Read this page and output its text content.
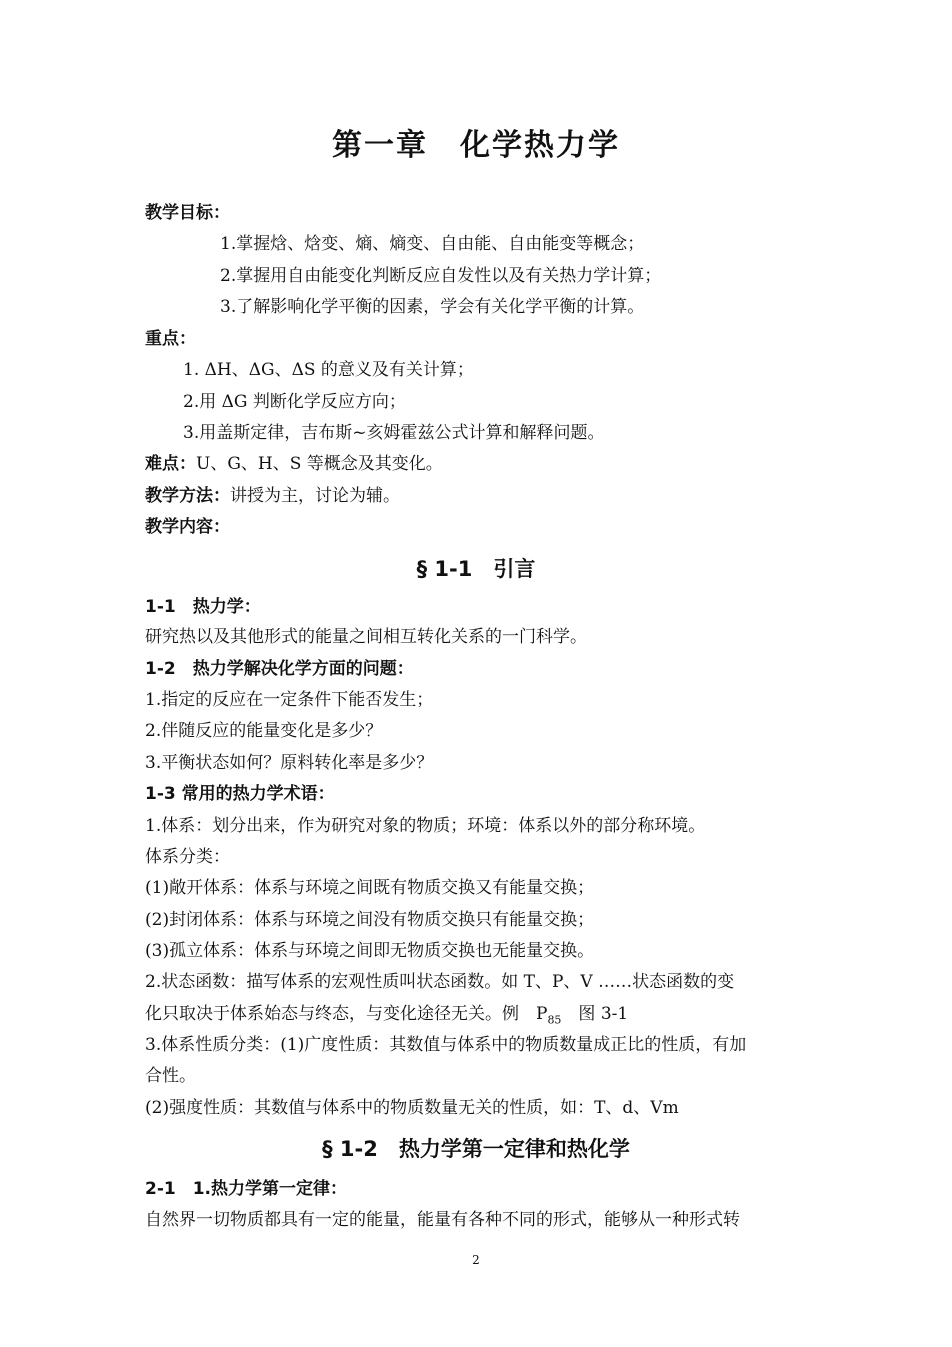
第一章　化学热力学
教学目标：
1.掌握焓、焓变、熵、熵变、自由能、自由能变等概念；
2.掌握用自由能变化判断反应自发性以及有关热力学计算；
3.了解影响化学平衡的因素，学会有关化学平衡的计算。
重点：
1. ΔH、ΔG、ΔS 的意义及有关计算；
2.用 ΔG 判断化学反应方向；
3.用盖斯定律，吉布斯~亥姆霍兹公式计算和解释问题。
难点：U、G、H、S 等概念及其变化。
教学方法：讲授为主，讨论为辅。
教学内容：
§ 1-1　引言
1-1　热力学：
研究热以及其他形式的能量之间相互转化关系的一门科学。
1-2　热力学解决化学方面的问题：
1.指定的反应在一定条件下能否发生；
2.伴随反应的能量变化是多少？
3.平衡状态如何？原料转化率是多少？
1-3 常用的热力学术语：
1.体系：划分出来，作为研究对象的物质；环境：体系以外的部分称环境。
体系分类：
(1)敞开体系：体系与环境之间既有物质交换又有能量交换；
(2)封闭体系：体系与环境之间没有物质交换只有能量交换；
(3)孤立体系：体系与环境之间即无物质交换也无能量交换。
2.状态函数：描写体系的宏观性质叫状态函数。如 T、P、V ……状态函数的变
化只取决于体系始态与终态，与变化途径无关。例　$P_{85}$　图 3-1
3.体系性质分类：(1)广度性质：其数值与体系中的物质数量成正比的性质，有加
合性。
(2)强度性质：其数值与体系中的物质数量无关的性质，如：T、d、Vm
§ 1-2　热力学第一定律和热化学
2-1　1.热力学第一定律：
自然界一切物质都具有一定的能量，能量有各种不同的形式，能够从一种形式转
2
